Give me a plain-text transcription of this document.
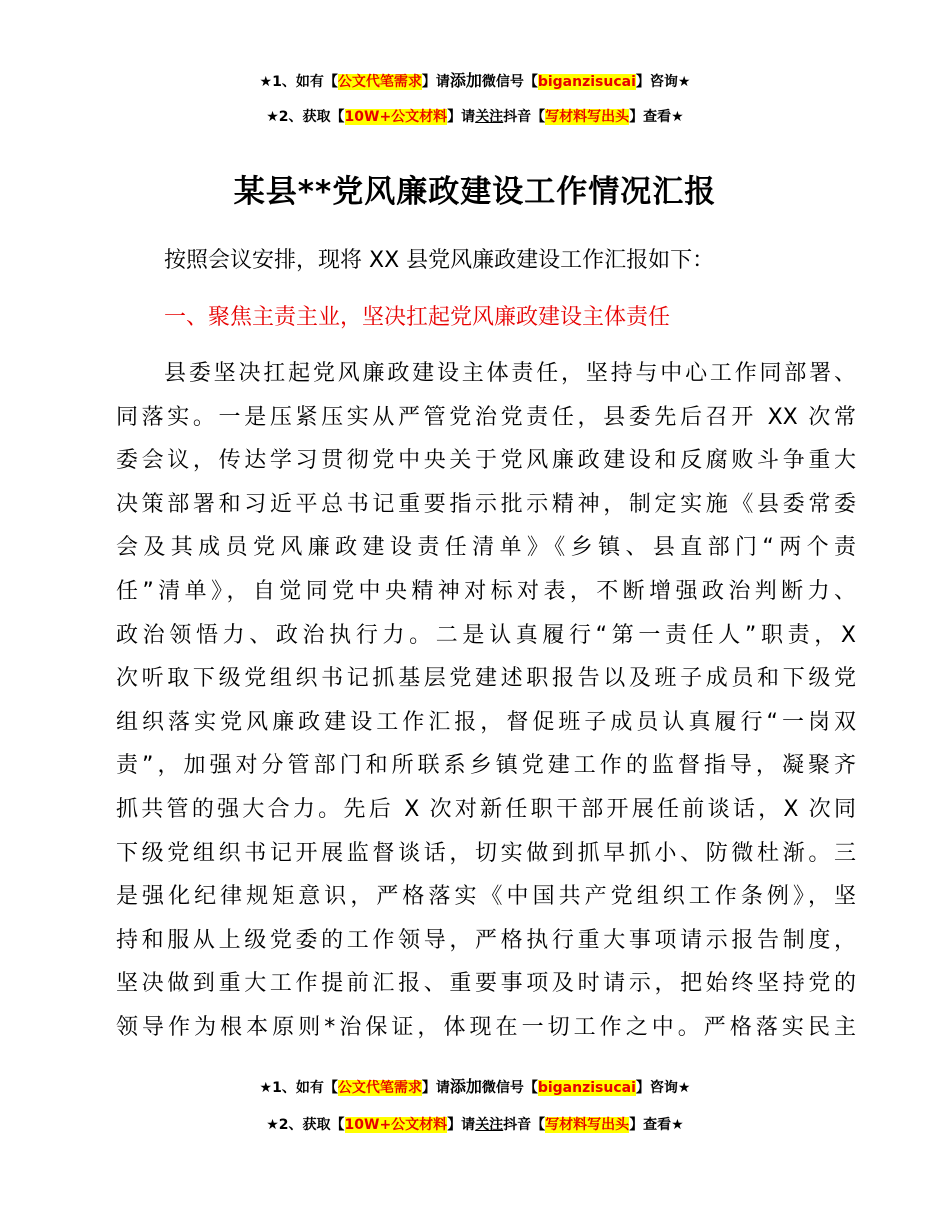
★1、如有【公文代笔需求】请添加微信号【biganzisucai】咨询★
★2、获取【10W+公文材料】请关注抖音【写材料写出头】查看★
某县**党风廉政建设工作情况汇报
按照会议安排，现将 XX 县党风廉政建设工作汇报如下：
一、聚焦主责主业，坚决扛起党风廉政建设主体责任
县委坚决扛起党风廉政建设主体责任，坚持与中心工作同部署、
同落实。一是压紧压实从严管党治党责任，县委先后召开 XX 次常
委会议，传达学习贯彻党中央关于党风廉政建设和反腐败斗争重大
决策部署和习近平总书记重要指示批示精神，制定实施《县委常委
会及其成员党风廉政建设责任清单》《乡镇、县直部门“两个责
任”清单》，自觉同党中央精神对标对表，不断增强政治判断力、
政治领悟力、政治执行力。二是认真履行“第一责任人”职责，X
次听取下级党组织书记抓基层党建述职报告以及班子成员和下级党
组织落实党风廉政建设工作汇报，督促班子成员认真履行“一岗双
责”，加强对分管部门和所联系乡镇党建工作的监督指导，凝聚齐
抓共管的强大合力。先后 X 次对新任职干部开展任前谈话，X 次同
下级党组织书记开展监督谈话，切实做到抓早抓小、防微杜渐。三
是强化纪律规矩意识，严格落实《中国共产党组织工作条例》，坚
持和服从上级党委的工作领导，严格执行重大事项请示报告制度，
坚决做到重大工作提前汇报、重要事项及时请示，把始终坚持党的
领导作为根本原则*治保证，体现在一切工作之中。严格落实民主
★1、如有【公文代笔需求】请添加微信号【biganzisucai】咨询★
★2、获取【10W+公文材料】请关注抖音【写材料写出头】查看★
